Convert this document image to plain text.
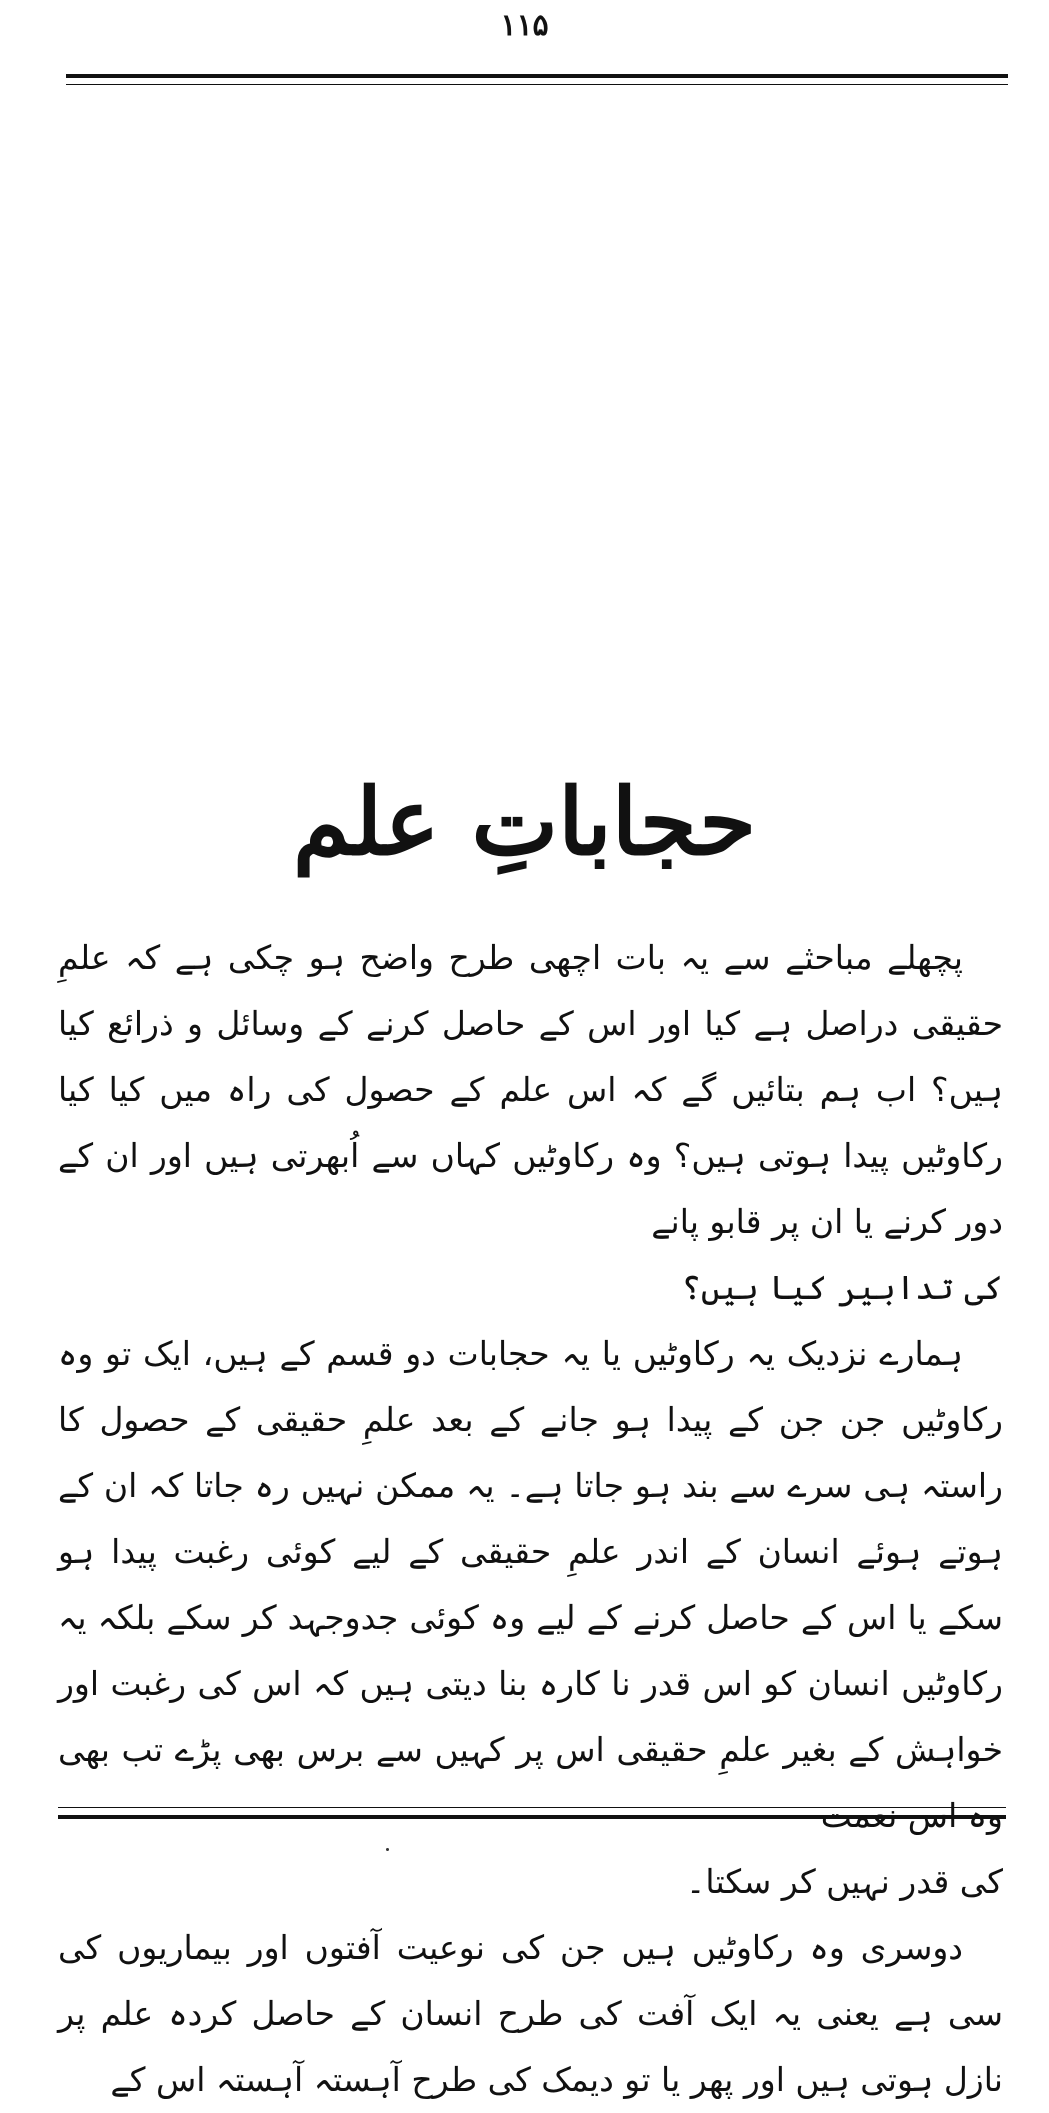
۱۱۵
حجاباتِ علم

پچھلے مباحثے سے یہ بات اچھی طرح واضح ہو چکی ہے کہ علمِ حقیقی دراصل ہے کیا اور اس کے حاصل کرنے کے وسائل و ذرائع کیا ہیں؟ اب ہم بتائیں گے کہ اس علم کے حصول کی راہ میں کیا کیا رکاوٹیں پیدا ہوتی ہیں؟ وہ رکاوٹیں کہاں سے اُبھرتی ہیں اور ان کے دور کرنے یا ان پر قابو پانے

کی تدابیر کیا ہیں؟

ہمارے نزدیک یہ رکاوٹیں یا یہ حجابات دو قسم کے ہیں، ایک تو وہ رکاوٹیں جن جن کے پیدا ہو جانے کے بعد علمِ حقیقی کے حصول کا راستہ ہی سرے سے بند ہو جاتا ہے۔ یہ ممکن نہیں رہ جاتا کہ ان کے ہوتے ہوئے انسان کے اندر علمِ حقیقی کے لیے کوئی رغبت پیدا ہو سکے یا اس کے حاصل کرنے کے لیے وہ کوئی جدوجہد کر سکے بلکہ یہ رکاوٹیں انسان کو اس قدر نا کارہ بنا دیتی ہیں کہ اس کی رغبت اور خواہش کے بغیر علمِ حقیقی اس پر کہیں سے برس بھی پڑے تب بھی وہ اس نعمت

کی قدر نہیں کر سکتا۔

دوسری وہ رکاوٹیں ہیں جن کی نوعیت آفتوں اور بیماریوں کی سی ہے یعنی یہ ایک آفت کی طرح انسان کے حاصل کردہ علم پر نازل ہوتی ہیں اور پھر یا تو دیمک کی طرح آہستہ آہستہ اس کے
